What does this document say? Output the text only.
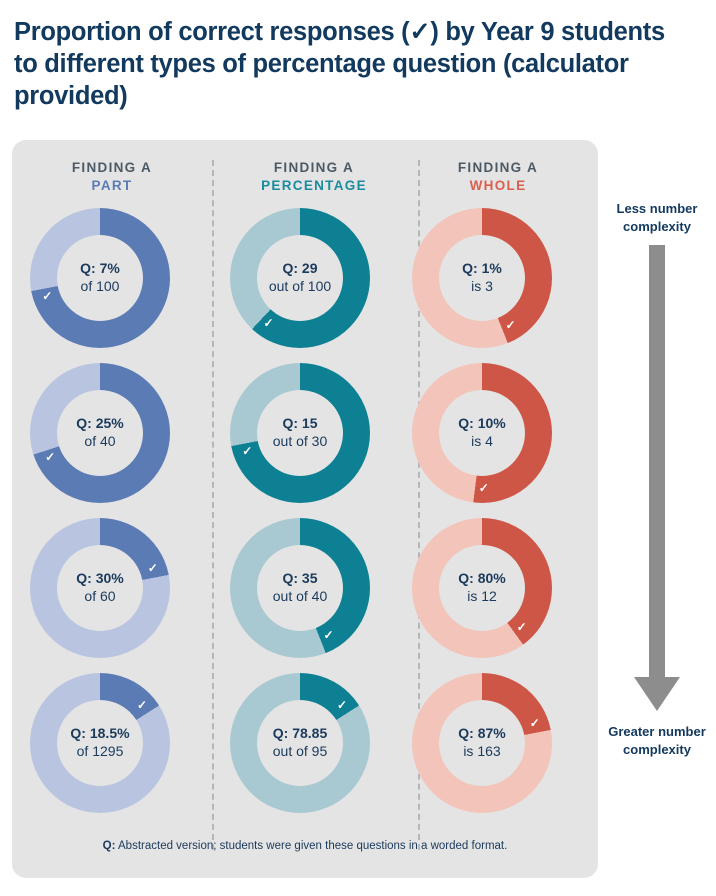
Proportion of correct responses (✓) by Year 9 students to different types of percentage question (calculator provided)
FINDING A
PART
FINDING A
PERCENTAGE
FINDING A
WHOLE
✓
Q: 7%
of 100
✓
Q: 25%
of 40
✓
Q: 30%
of 60
✓
Q: 18.5%
of 1295
✓
Q: 29
out of 100
✓
Q: 15
out of 30
✓
Q: 35
out of 40
✓
Q: 78.85
out of 95
✓
Q: 1%
is 3
✓
Q: 10%
is 4
✓
Q: 80%
is 12
✓
Q: 87%
is 163
Less number complexity
Greater number complexity
Q: Abstracted version; students were given these questions in a worded format.
